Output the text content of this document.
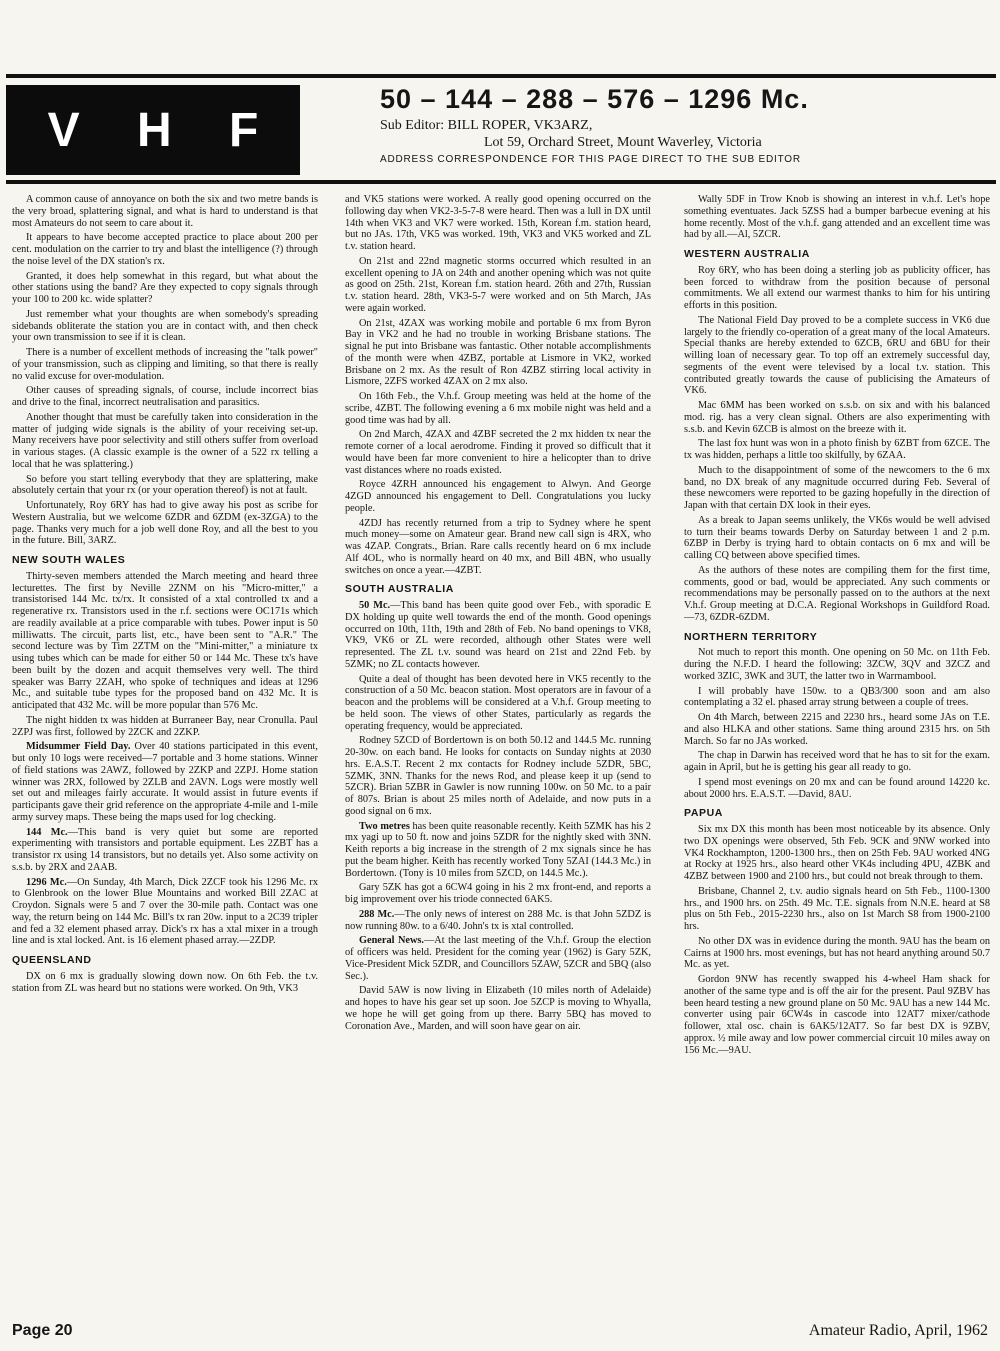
V H F
50 – 144 – 288 – 576 – 1296 Mc.
Sub Editor: BILL ROPER, VK3ARZ,
Lot 59, Orchard Street, Mount Waverley, Victoria
ADDRESS CORRESPONDENCE FOR THIS PAGE DIRECT TO THE SUB EDITOR

A common cause of annoyance on both the six and two metre bands is the very broad, splattering signal, and what is hard to understand is that most Amateurs do not seem to care about it.

It appears to have become accepted practice to place about 200 per cent. modulation on the carrier to try and blast the intelligence (?) through the noise level of the DX station's rx.

Granted, it does help somewhat in this regard, but what about the other stations using the band? Are they expected to copy signals through your 100 to 200 kc. wide splatter?

Just remember what your thoughts are when somebody's spreading sidebands obliterate the station you are in contact with, and then check your own transmission to see if it is clean.

There is a number of excellent methods of increasing the "talk power" of your transmission, such as clipping and limiting, so that there is really no valid excuse for over-modulation.

Other causes of spreading signals, of course, include incorrect bias and drive to the final, incorrect neutralisation and parasitics.

Another thought that must be carefully taken into consideration in the matter of judging wide signals is the ability of your receiving set-up. Many receivers have poor selectivity and still others suffer from overload in various stages. (A classic example is the owner of a 522 rx telling a local that he was splattering.)

So before you start telling everybody that they are splattering, make absolutely certain that your rx (or your operation thereof) is not at fault.

Unfortunately, Roy 6RY has had to give away his post as scribe for Western Australia, but we welcome 6ZDR and 6ZDM (ex-3ZGA) to the page. Thanks very much for a job well done Roy, and all the best to you in the future. Bill, 3ARZ.

NEW SOUTH WALES

Thirty-seven members attended the March meeting and heard three lecturettes. The first by Neville 2ZNM on his "Micro-mitter," a transistorised 144 Mc. tx/rx. It consisted of a xtal controlled tx and a regenerative rx. Transistors used in the r.f. sections were OC171s which are readily available at a price comparable with tubes. Power input is 50 milliwatts. The circuit, parts list, etc., have been sent to "A.R." The second lecture was by Tim 2ZTM on the "Mini-mitter," a miniature tx using tubes which can be made for either 50 or 144 Mc. These tx's have been built by the dozen and acquit themselves very well. The third speaker was Barry 2ZAH, who spoke of techniques and ideas at 1296 Mc., and suitable tube types for the proposed band on 432 Mc. It is anticipated that 432 Mc. will be more popular than 576 Mc.

The night hidden tx was hidden at Burraneer Bay, near Cronulla. Paul 2ZPJ was first, followed by 2ZCK and 2ZKP.

Midsummer Field Day. Over 40 stations participated in this event, but only 10 logs were received—7 portable and 3 home stations. Winner of field stations was 2AWZ, followed by 2ZKP and 2ZPJ. Home station winner was 2RX, followed by 2ZLB and 2AVN. Logs were mostly well set out and mileages fairly accurate. It would assist in future events if participants gave their grid reference on the appropriate 4-mile and 1-mile army survey maps. These being the maps used for log checking.

144 Mc.—This band is very quiet but some are reported experimenting with transistors and portable equipment. Les 2ZBT has a transistor rx using 14 transistors, but no details yet. Also some activity on s.s.b. by 2RX and 2AAB.

1296 Mc.—On Sunday, 4th March, Dick 2ZCF took his 1296 Mc. rx to Glenbrook on the lower Blue Mountains and worked Bill 2ZAC at Croydon. Signals were 5 and 7 over the 30-mile path. Contact was one way, the return being on 144 Mc. Bill's tx ran 20w. input to a 2C39 tripler and fed a 32 element phased array. Dick's rx has a xtal mixer in a trough line and is xtal locked. Ant. is 16 element phased array.—2ZDP.

QUEENSLAND

DX on 6 mx is gradually slowing down now. On 6th Feb. the t.v. station from ZL was heard but no stations were worked. On 9th, VK3

and VK5 stations were worked. A really good opening occurred on the following day when VK2-3-5-7-8 were heard. Then was a lull in DX until 14th when VK3 and VK7 were worked. 15th, Korean f.m. station heard, but no JAs. 17th, VK5 was worked. 19th, VK3 and VK5 worked and ZL t.v. station heard.

On 21st and 22nd magnetic storms occurred which resulted in an excellent opening to JA on 24th and another opening which was not quite as good on 25th. 21st, Korean f.m. station heard. 26th and 27th, Russian t.v. station heard. 28th, VK3-5-7 were worked and on 5th March, JAs were again worked.

On 21st, 4ZAX was working mobile and portable 6 mx from Byron Bay in VK2 and he had no trouble in working Brisbane stations. The signal he put into Brisbane was fantastic. Other notable accomplishments of the month were when 4ZBZ, portable at Lismore in VK2, worked Brisbane on 2 mx. As the result of Ron 4ZBZ stirring local activity in Lismore, 2ZFS worked 4ZAX on 2 mx also.

On 16th Feb., the V.h.f. Group meeting was held at the home of the scribe, 4ZBT. The following evening a 6 mx mobile night was held and a good time was had by all.

On 2nd March, 4ZAX and 4ZBF secreted the 2 mx hidden tx near the remote corner of a local aerodrome. Finding it proved so difficult that it would have been far more convenient to hire a helicopter than to drive vast distances where no roads existed.

Royce 4ZRH announced his engagement to Alwyn. And George 4ZGD announced his engagement to Dell. Congratulations you lucky people.

4ZDJ has recently returned from a trip to Sydney where he spent much money—some on Amateur gear. Brand new call sign is 4RX, who was 4ZAP. Congrats., Brian. Rare calls recently heard on 6 mx include Alf 4OL, who is normally heard on 40 mx, and Bill 4BN, who usually switches on once a year.—4ZBT.

SOUTH AUSTRALIA

50 Mc.—This band has been quite good over Feb., with sporadic E DX holding up quite well towards the end of the month. Good openings occurred on 10th, 11th, 19th and 28th of Feb. No band openings to VK8, VK9, VK6 or ZL were recorded, although other States were well represented. The ZL t.v. sound was heard on 21st and 22nd Feb. by 5ZMK; no ZL contacts however.

Quite a deal of thought has been devoted here in VK5 recently to the construction of a 50 Mc. beacon station. Most operators are in favour of a beacon and the problems will be considered at a V.h.f. Group meeting to be held soon. The views of other States, particularly as regards the operating frequency, would be appreciated.

Rodney 5ZCD of Bordertown is on both 50.12 and 144.5 Mc. running 20-30w. on each band. He looks for contacts on Sunday nights at 2030 hrs. E.A.S.T. Recent 2 mx contacts for Rodney include 5ZDR, 5BC, 5ZMK, 3NN. Thanks for the news Rod, and please keep it up (send to 5ZCR). Brian 5ZBR in Gawler is now running 100w. on 50 Mc. to a pair of 807s. Brian is about 25 miles north of Adelaide, and now puts in a good signal on 6 mx.

Two metres has been quite reasonable recently. Keith 5ZMK has his 2 mx yagi up to 50 ft. now and joins 5ZDR for the nightly sked with 3NN. Keith reports a big increase in the strength of 2 mx signals since he has put the beam higher. Keith has recently worked Tony 5ZAI (144.3 Mc.) in Bordertown. (Tony is 10 miles from 5ZCD, on 144.5 Mc.).

Gary 5ZK has got a 6CW4 going in his 2 mx front-end, and reports a big improvement over his triode connected 6AK5.

288 Mc.—The only news of interest on 288 Mc. is that John 5ZDZ is now running 80w. to a 6/40. John's tx is xtal controlled.

General News.—At the last meeting of the V.h.f. Group the election of officers was held. President for the coming year (1962) is Gary 5ZK, Vice-President Mick 5ZDR, and Councillors 5ZAW, 5ZCR and 5BQ (also Sec.).

David 5AW is now living in Elizabeth (10 miles north of Adelaide) and hopes to have his gear set up soon. Joe 5ZCP is moving to Whyalla, we hope he will get going from up there. Barry 5BQ has moved to Coronation Ave., Marden, and will soon have gear on air.

Wally 5DF in Trow Knob is showing an interest in v.h.f. Let's hope something eventuates. Jack 5ZSS had a bumper barbecue evening at his home recently. Most of the v.h.f. gang attended and an excellent time was had by all.—Al, 5ZCR.

WESTERN AUSTRALIA

Roy 6RY, who has been doing a sterling job as publicity officer, has been forced to withdraw from the position because of personal commitments. We all extend our warmest thanks to him for his untiring efforts in this position.

The National Field Day proved to be a complete success in VK6 due largely to the friendly co-operation of a great many of the local Amateurs. Special thanks are hereby extended to 6ZCB, 6RU and 6BU for their willing loan of necessary gear. To top off an extremely successful day, segments of the event were televised by a local t.v. station. This contributed greatly towards the cause of publicising the Amateurs of VK6.

Mac 6MM has been worked on s.s.b. on six and with his balanced mod. rig. has a very clean signal. Others are also experimenting with s.s.b. and Kevin 6ZCB is almost on the breeze with it.

The last fox hunt was won in a photo finish by 6ZBT from 6ZCE. The tx was hidden, perhaps a little too skilfully, by 6ZAA.

Much to the disappointment of some of the newcomers to the 6 mx band, no DX break of any magnitude occurred during Feb. Several of these newcomers were reported to be gazing hopefully in the direction of Japan with that certain DX look in their eyes.

As a break to Japan seems unlikely, the VK6s would be well advised to turn their beams towards Derby on Saturday between 1 and 2 p.m. 6ZBP in Derby is trying hard to obtain contacts on 6 mx and will be calling CQ between above specified times.

As the authors of these notes are compiling them for the first time, comments, good or bad, would be appreciated. Any such comments or recommendations may be personally passed on to the authors at the next V.h.f. Group meeting at D.C.A. Regional Workshops in Guildford Road.—73, 6ZDR-6ZDM.

NORTHERN TERRITORY

Not much to report this month. One opening on 50 Mc. on 11th Feb. during the N.F.D. I heard the following: 3ZCW, 3QV and 3ZCZ and worked 3ZIC, 3WK and 3UT, the latter two in Warrnambool.

I will probably have 150w. to a QB3/300 soon and am also contemplating a 32 el. phased array strung between a couple of trees.

On 4th March, between 2215 and 2230 hrs., heard some JAs on T.E. and also HLKA and other stations. Same thing around 2315 hrs. on 5th March. So far no JAs worked.

The chap in Darwin has received word that he has to sit for the exam. again in April, but he is getting his gear all ready to go.

I spend most evenings on 20 mx and can be found around 14220 kc. about 2000 hrs. E.A.S.T. —David, 8AU.

PAPUA

Six mx DX this month has been most noticeable by its absence. Only two DX openings were observed, 5th Feb. 9CK and 9NW worked into VK4 Rockhampton, 1200-1300 hrs., then on 25th Feb. 9AU worked 4NG at Rocky at 1925 hrs., also heard other VK4s including 4PU, 4ZBK and 4ZBZ between 1900 and 2100 hrs., but could not break through to them.

Brisbane, Channel 2, t.v. audio signals heard on 5th Feb., 1100-1300 hrs., and 1900 hrs. on 25th. 49 Mc. T.E. signals from N.N.E. heard at S8 plus on 5th Feb., 2015-2230 hrs., also on 1st March S8 from 1900-2100 hrs.

No other DX was in evidence during the month. 9AU has the beam on Cairns at 1900 hrs. most evenings, but has not heard anything around 50.7 Mc. as yet.

Gordon 9NW has recently swapped his 4-wheel Ham shack for another of the same type and is off the air for the present. Paul 9ZBV has been heard testing a new ground plane on 50 Mc. 9AU has a new 144 Mc. converter using pair 6CW4s in cascode into 12AT7 mixer/cathode follower, xtal osc. chain is 6AK5/12AT7. So far best DX is 9ZBV, approx. ½ mile away and low power commercial circuit 10 miles away on 156 Mc.—9AU.

Page 20	Amateur Radio, April, 1962
